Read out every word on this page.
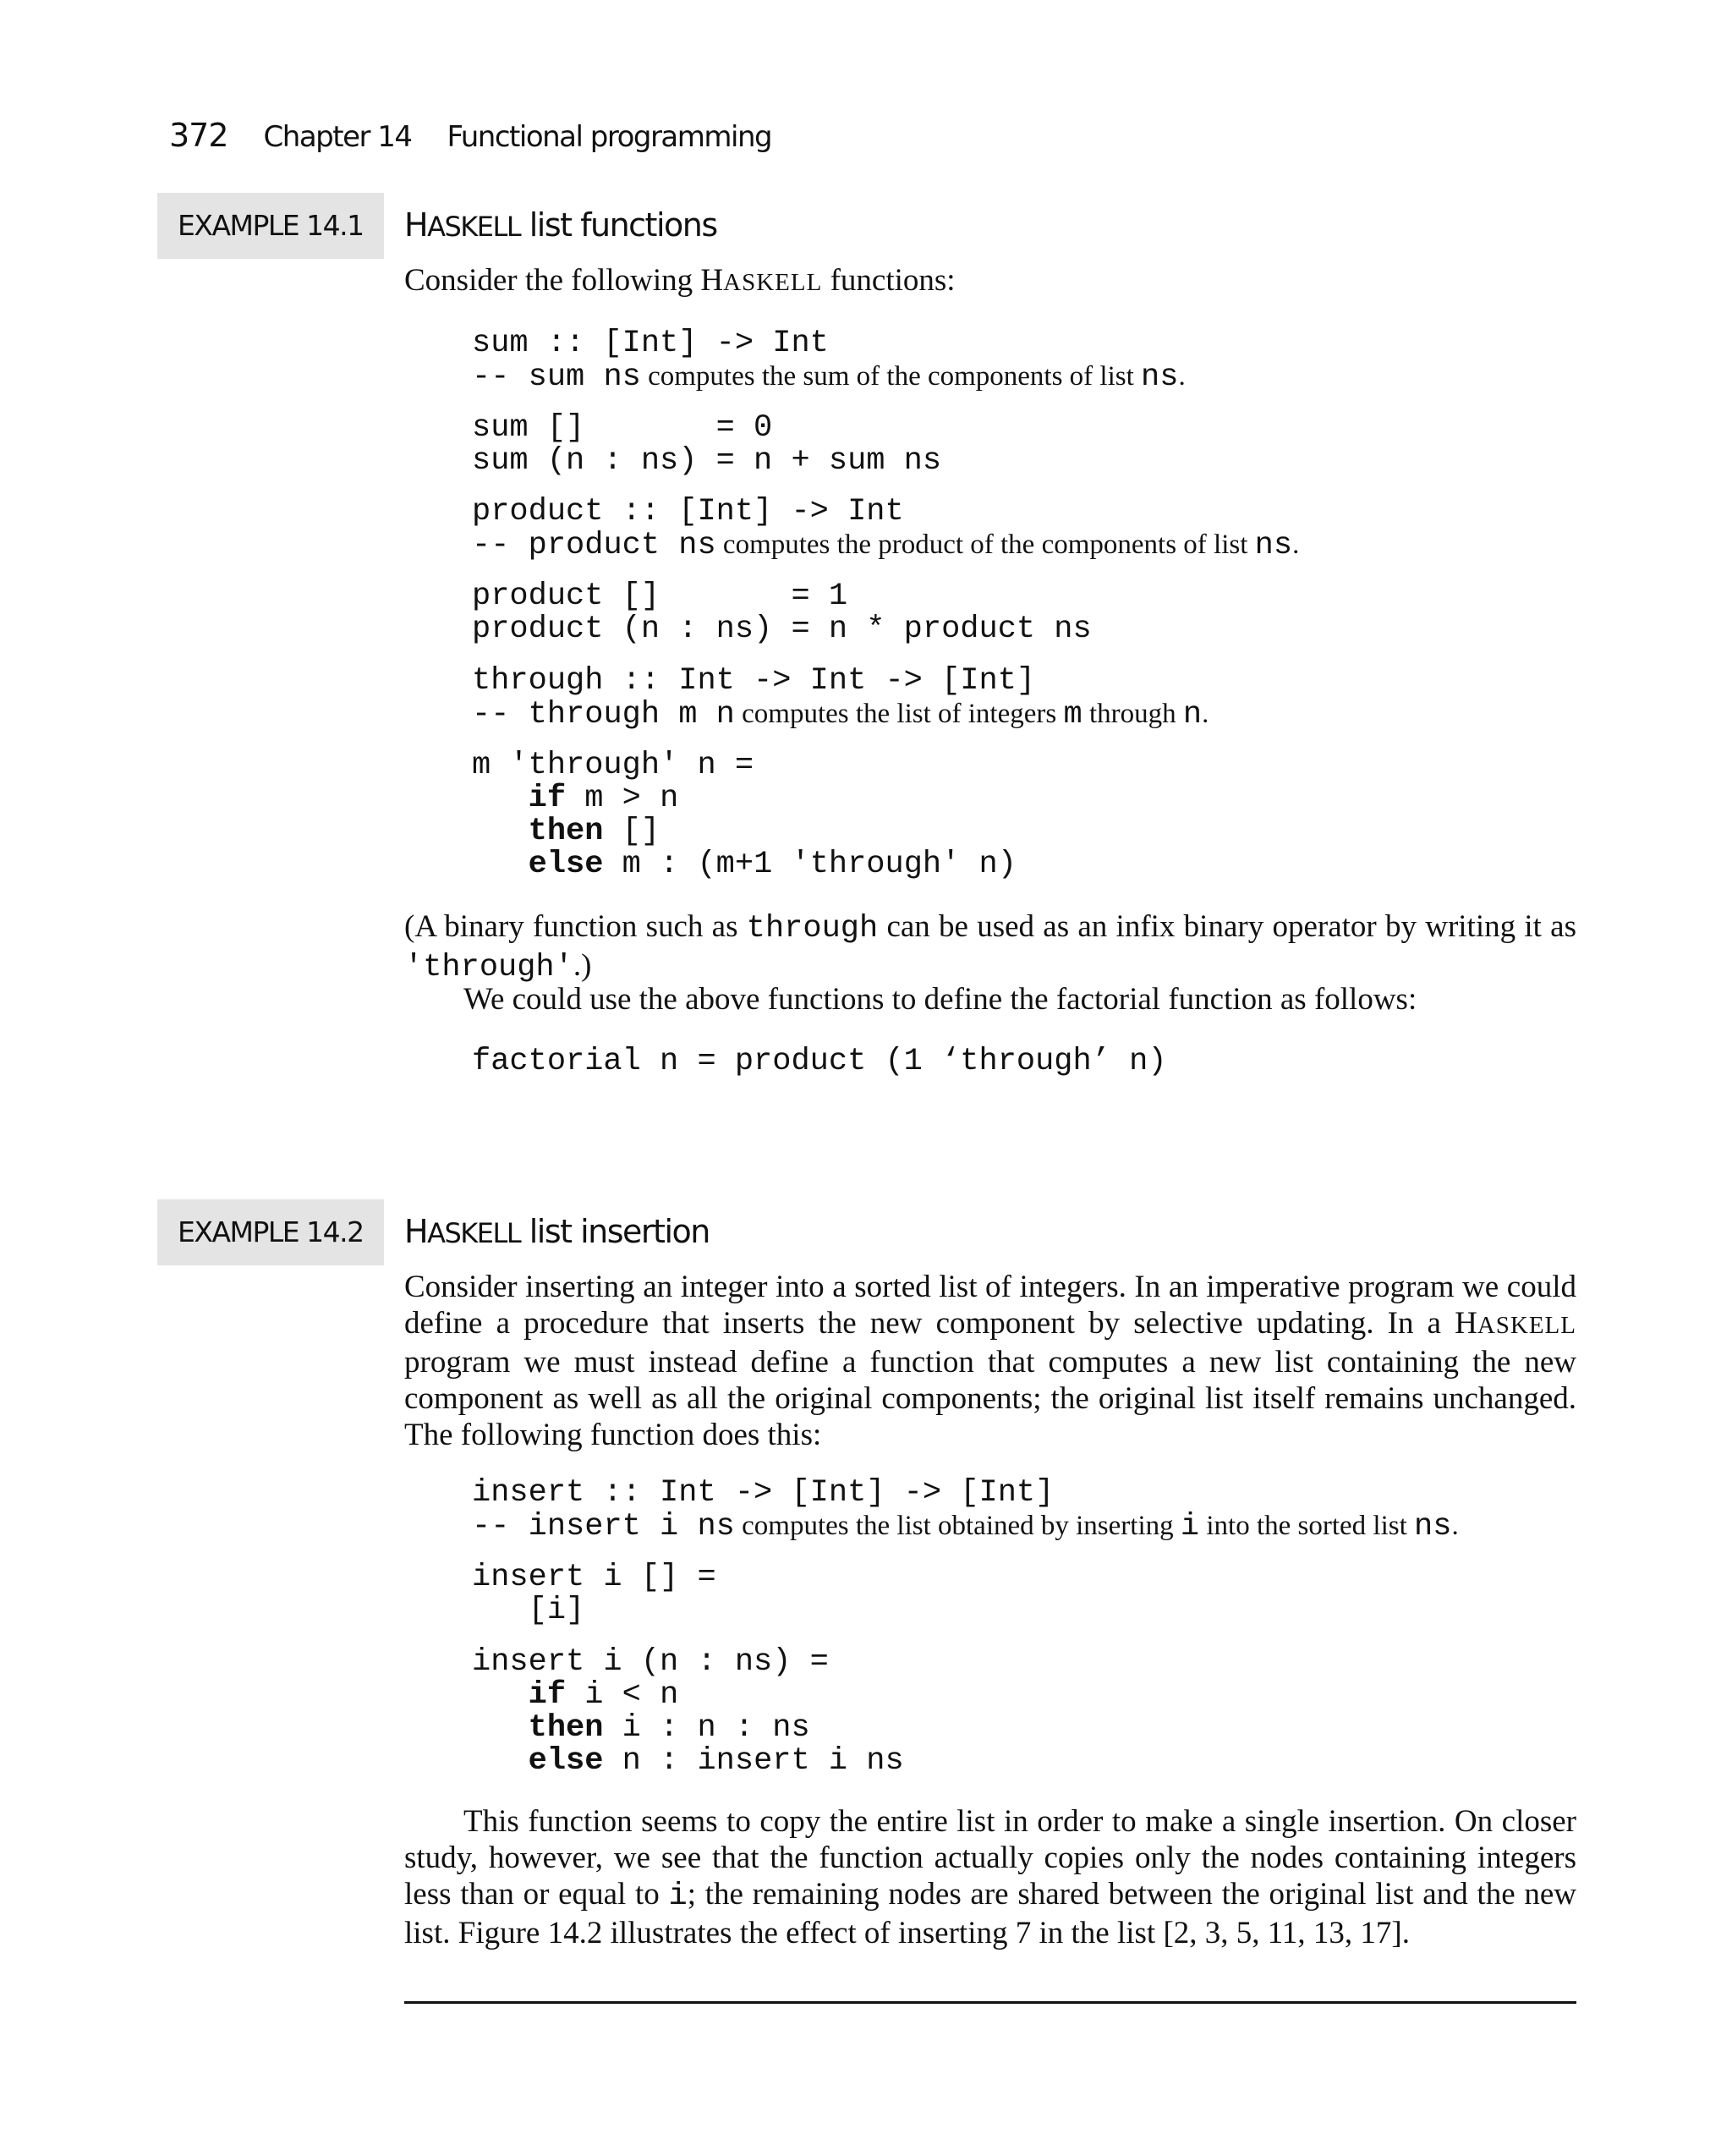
372 Chapter 14 Functional programming
EXAMPLE 14.1	HASKELL list functions

Consider the following HASKELL functions:

sum :: [Int] -> Int
-- sum ns computes the sum of the components of list ns.
sum []       = 0
sum (n : ns) = n + sum ns
product :: [Int] -> Int
-- product ns computes the product of the components of list ns.
product []       = 1
product (n : ns) = n * product ns
through :: Int -> Int -> [Int]
-- through m n computes the list of integers m through n.
m 'through' n =
if m > n
then []
else m : (m+1 'through' n)

(A binary function such as through can be used as an infix binary operator by writing it as 'through'.)

We could use the above functions to define the factorial function as follows:

factorial n = product (1 ‘through’ n)
EXAMPLE 14.2	HASKELL list insertion

Consider inserting an integer into a sorted list of integers. In an imperative program we could define a procedure that inserts the new component by selective updating. In a HASKELL program we must instead define a function that computes a new list containing the new component as well as all the original components; the original list itself remains unchanged. The following function does this:

insert :: Int -> [Int] -> [Int]
-- insert i ns computes the list obtained by inserting i into the sorted list ns.
insert i [] =
[i]
insert i (n : ns) =
if i < n
then i : n : ns
else n : insert i ns

This function seems to copy the entire list in order to make a single insertion. On closer study, however, we see that the function actually copies only the nodes containing integers less than or equal to i; the remaining nodes are shared between the original list and the new list. Figure 14.2 illustrates the effect of inserting 7 in the list [2, 3, 5, 11, 13, 17].
